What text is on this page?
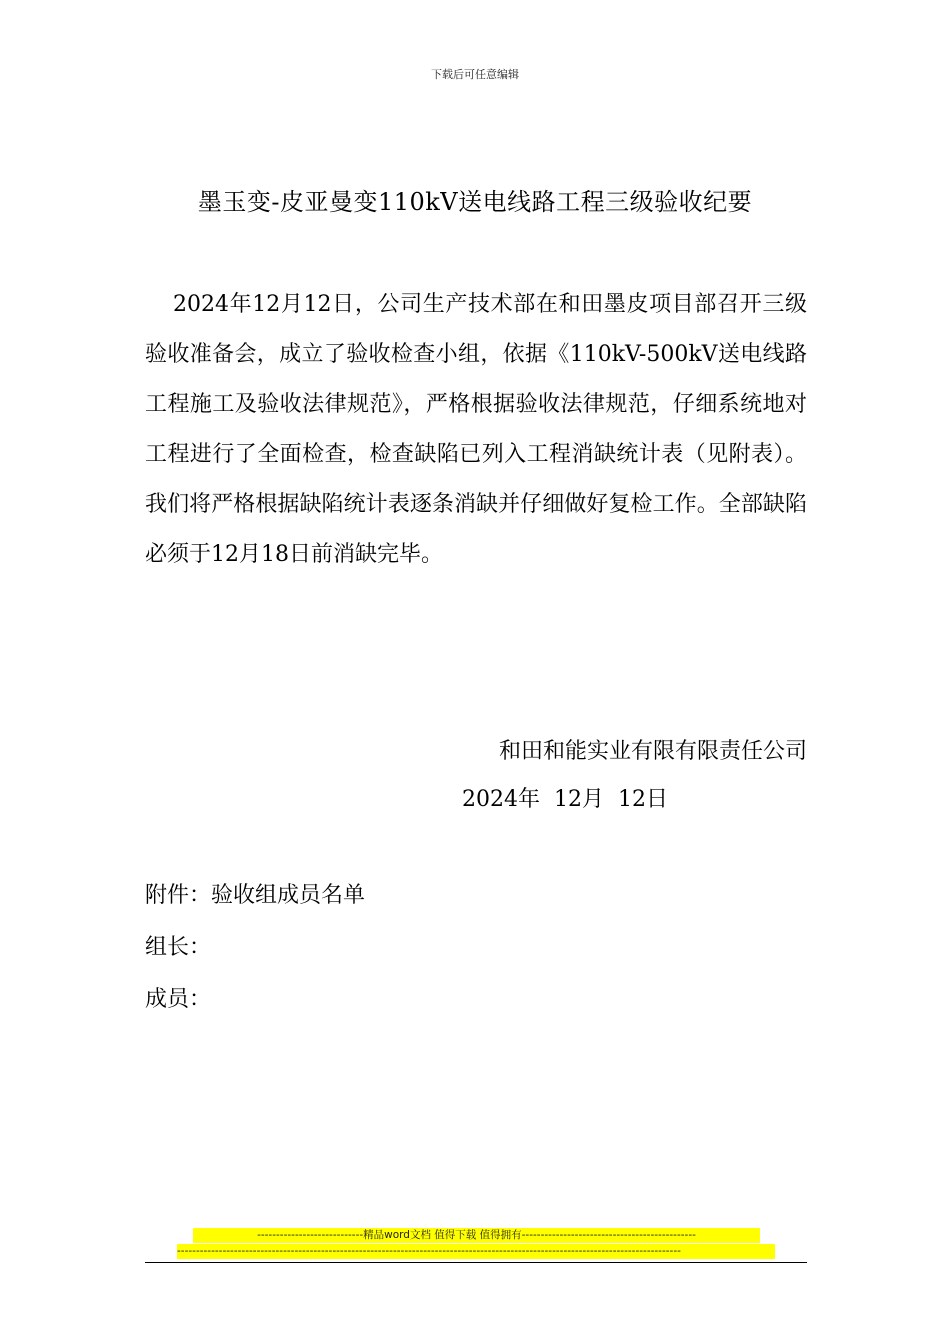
下载后可任意编辑
墨玉变-皮亚曼变110kV送电线路工程三级验收纪要

2024年12月12日，公司生产技术部在和田墨皮项目部召开三级验收准备会，成立了验收检查小组，依据《110kV-500kV送电线路工程施工及验收法律规范》，严格根据验收法律规范，仔细系统地对工程进行了全面检查，检查缺陷已列入工程消缺统计表（见附表）。我们将严格根据缺陷统计表逐条消缺并仔细做好复检工作。全部缺陷必须于12月18日前消缺完毕。

和田和能实业有限有限责任公司
2024年  12月  12日
附件：验收组成员名单
组长：
成员：
----------------------------精品word文档 值得下载 值得拥有----------------------------------------------
-------------------------------------------------------------------------------------------------------------------------------------
